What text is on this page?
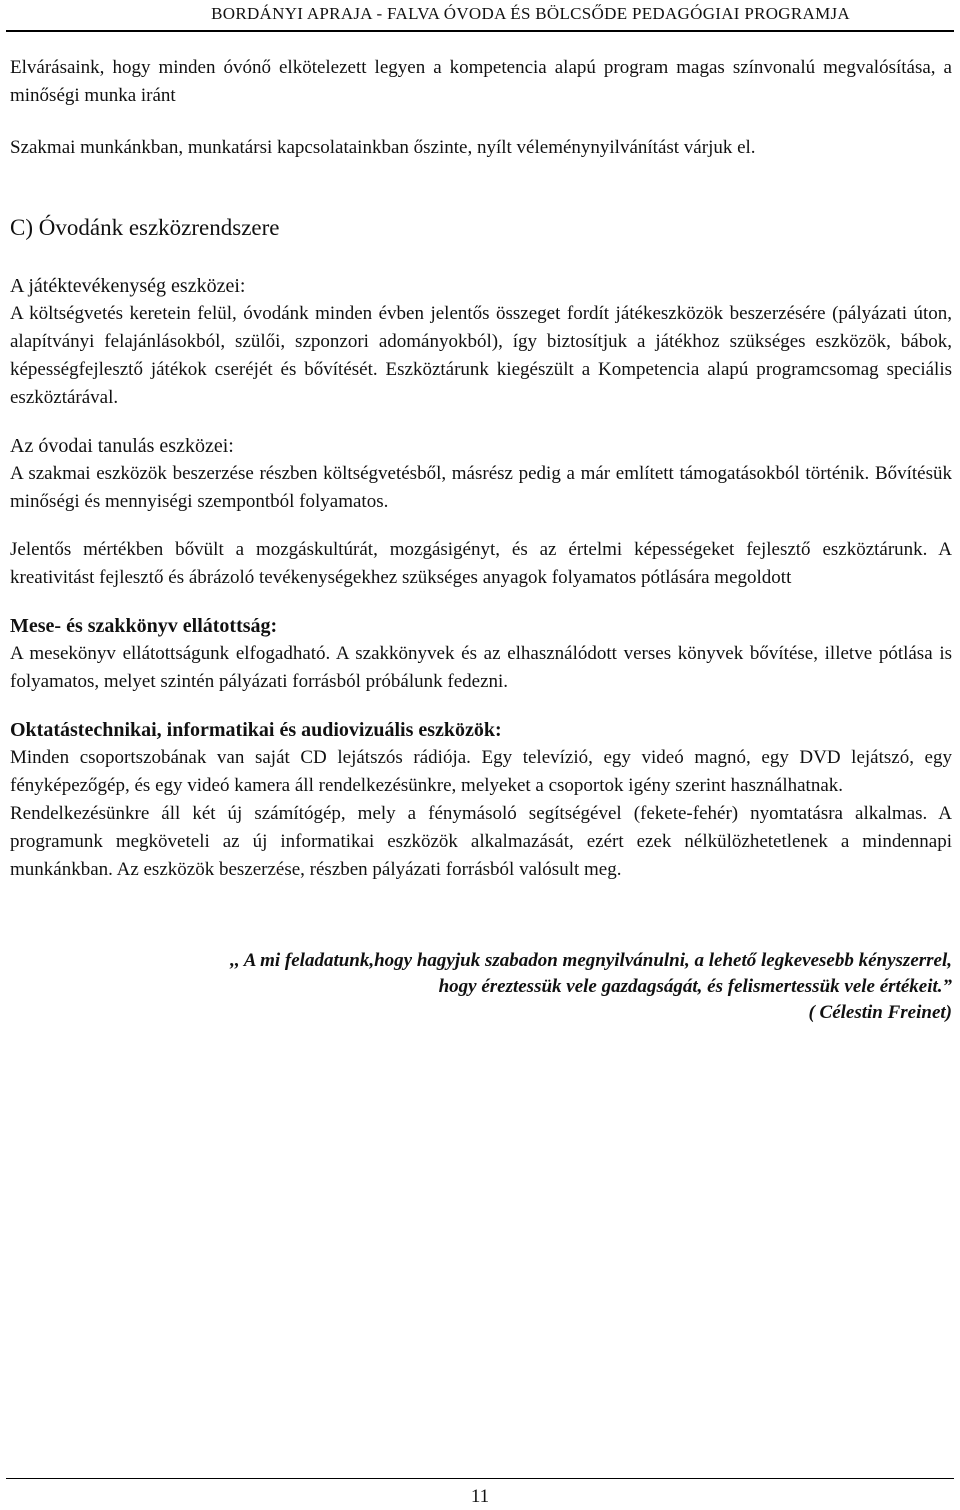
BORDÁNYI APRAJA - FALVA ÓVODA ÉS BÖLCSŐDE PEDAGÓGIAI PROGRAMJA

Elvárásaink, hogy minden óvónő elkötelezett legyen a kompetencia alapú program magas színvonalú megvalósítása, a minőségi munka iránt

Szakmai munkánkban, munkatársi kapcsolatainkban őszinte, nyílt véleménynyilvánítást várjuk el.

C) Óvodánk eszközrendszere
A játéktevékenység eszközei:

A költségvetés keretein felül, óvodánk minden évben jelentős összeget fordít játékeszközök beszerzésére (pályázati úton, alapítványi felajánlásokból, szülői, szponzori adományokból), így biztosítjuk a játékhoz szükséges eszközök, bábok, képességfejlesztő játékok cseréjét és bővítését. Eszköztárunk kiegészült a Kompetencia alapú programcsomag speciális eszköztárával.

Az óvodai tanulás eszközei:

A szakmai eszközök beszerzése részben költségvetésből, másrész pedig a már említett támogatásokból történik. Bővítésük minőségi és mennyiségi szempontból folyamatos.

Jelentős mértékben bővült a mozgáskultúrát, mozgásigényt, és az értelmi képességeket fejlesztő eszköztárunk. A kreativitást fejlesztő és ábrázoló tevékenységekhez szükséges anyagok folyamatos pótlására megoldott

Mese- és szakkönyv ellátottság:

A mesekönyv ellátottságunk elfogadható. A szakkönyvek és az elhasználódott verses könyvek bővítése, illetve pótlása is folyamatos, melyet szintén pályázati forrásból próbálunk fedezni.

Oktatástechnikai, informatikai és audiovizuális eszközök:

Minden csoportszobának van saját CD lejátszós rádiója. Egy televízió, egy videó magnó, egy DVD lejátszó, egy fényképezőgép, és egy videó kamera áll rendelkezésünkre, melyeket a csoportok igény szerint használhatnak.

Rendelkezésünkre áll két új számítógép, mely a fénymásoló segítségével (fekete-fehér) nyomtatásra alkalmas. A programunk megköveteli az új informatikai eszközök alkalmazását, ezért ezek nélkülözhetetlenek a mindennapi munkánkban. Az eszközök beszerzése, részben pályázati forrásból valósult meg.

,, A mi feladatunk,hogy hagyjuk szabadon megnyilvánulni, a lehető legkevesebb kényszerrel,
hogy éreztessük vele gazdagságát, és felismertessük vele értékeit.”
( Célestin Freinet)
11
